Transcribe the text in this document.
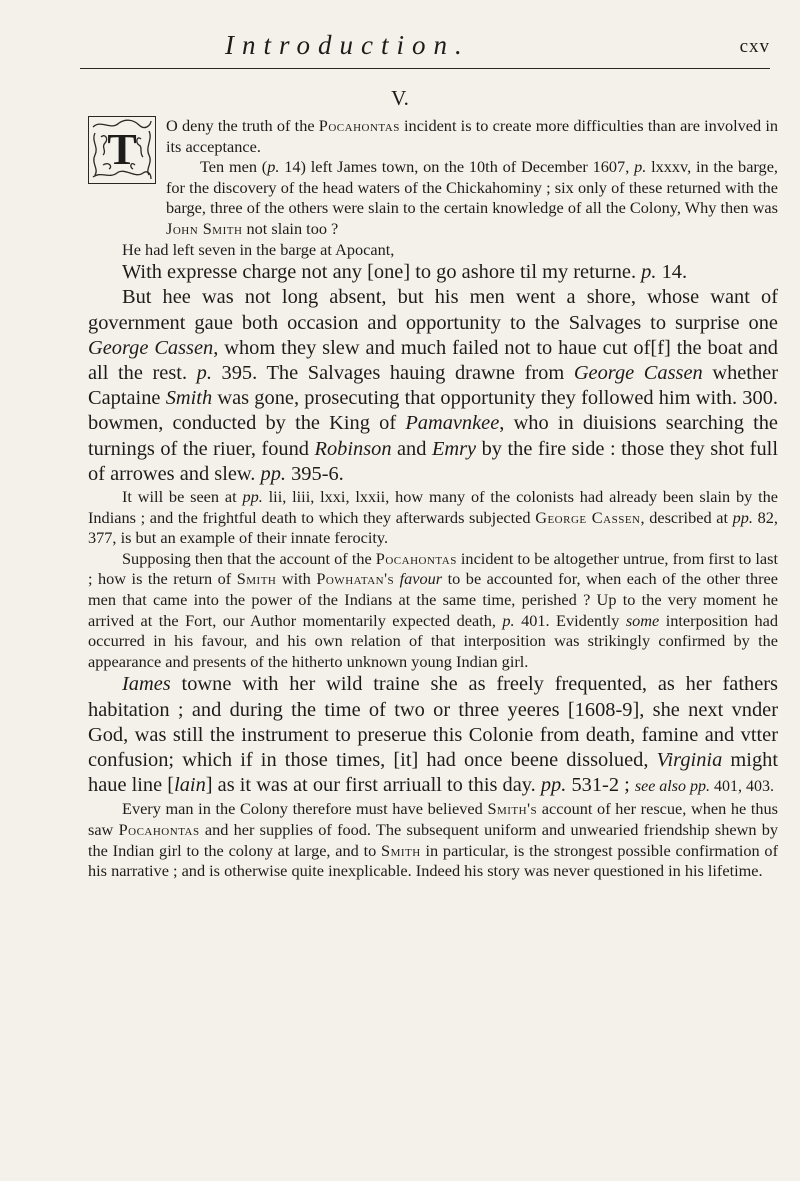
Introduction.	cxv
V.
T	O deny the truth of the Pocahontas incident is to create more difficulties than are involved in its acceptance.
Ten men (p. 14) left James town, on the 10th of December 1607, p. lxxxv, in the barge, for the discovery of the head waters of the Chickahominy ; six only of these returned with the barge, three of the others were slain to the certain knowledge of all the Colony, Why then was John Smith not slain too ?

He had left seven in the barge at Apocant,

With expresse charge not any [one] to go ashore til my returne. p. 14.

But hee was not long absent, but his men went a shore, whose want of government gaue both occasion and opportunity to the Salvages to surprise one George Cassen, whom they slew and much failed not to haue cut of[f] the boat and all the rest. p. 395. The Salvages hauing drawne from George Cassen whether Captaine Smith was gone, prosecuting that opportunity they followed him with. 300. bowmen, conducted by the King of Pamavnkee, who in diuisions searching the turnings of the riuer, found Robinson and Emry by the fire side : those they shot full of arrowes and slew. pp. 395-6.

It will be seen at pp. lii, liii, lxxi, lxxii, how many of the colonists had already been slain by the Indians ; and the frightful death to which they afterwards subjected George Cassen, described at pp. 82, 377, is but an example of their innate ferocity.

Supposing then that the account of the Pocahontas incident to be altogether untrue, from first to last ; how is the return of Smith with Powhatan's favour to be accounted for, when each of the other three men that came into the power of the Indians at the same time, perished ? Up to the very moment he arrived at the Fort, our Author momentarily expected death, p. 401. Evidently some interposition had occurred in his favour, and his own relation of that interposition was strikingly confirmed by the appearance and presents of the hitherto unknown young Indian girl.

Iames towne with her wild traine she as freely frequented, as her fathers habitation ; and during the time of two or three yeeres [1608-9], she next vnder God, was still the instrument to preserue this Colonie from death, famine and vtter confusion; which if in those times, [it] had once beene dissolued, Virginia might haue line [lain] as it was at our first arriuall to this day. pp. 531-2 ; see also pp. 401, 403.

Every man in the Colony therefore must have believed Smith's account of her rescue, when he thus saw Pocahontas and her supplies of food. The subsequent uniform and unwearied friendship shewn by the Indian girl to the colony at large, and to Smith in particular, is the strongest possible confirmation of his narrative ; and is otherwise quite inexplicable. Indeed his story was never questioned in his lifetime.
